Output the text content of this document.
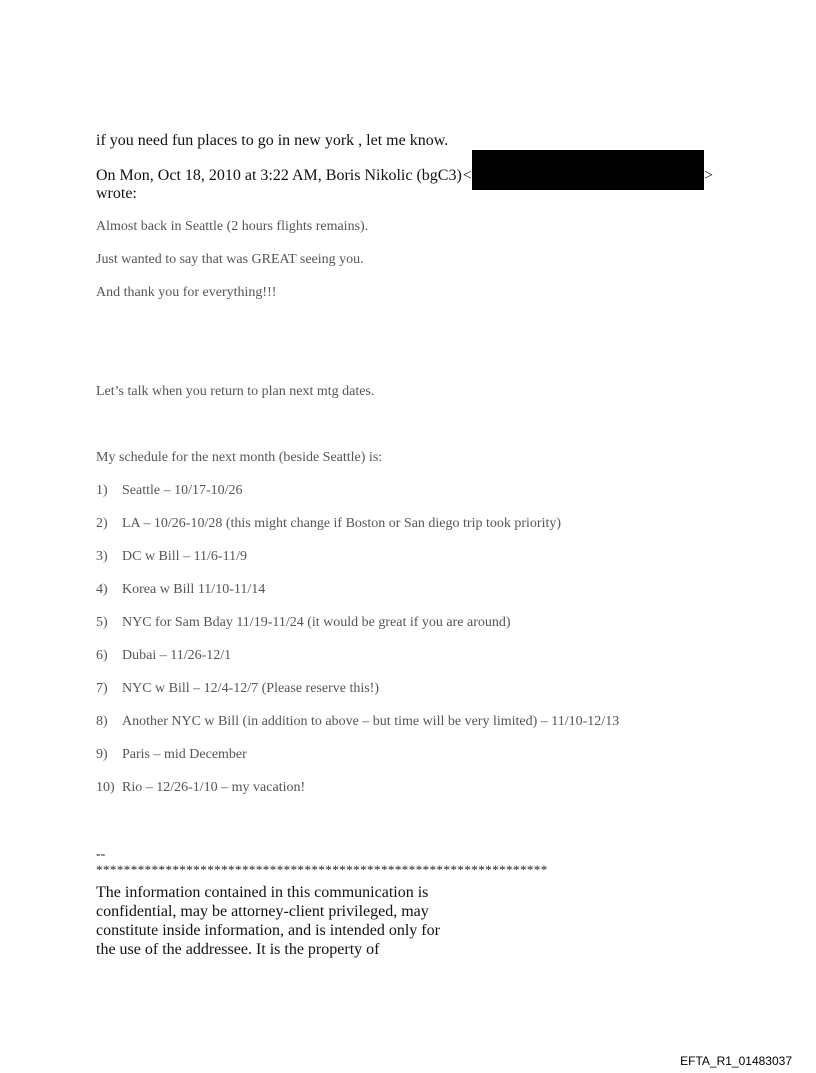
if you need fun places to go in new york , let me know.
On Mon, Oct 18, 2010 at 3:22 AM, Boris Nikolic (bgC3)<	>
wrote:
Almost back in Seattle (2 hours flights remains).
Just wanted to say that was GREAT seeing you.
And thank you for everything!!!
Let’s talk when you return to plan next mtg dates.
My schedule for the next month (beside Seattle) is:
1) Seattle – 10/17-10/26
2) LA – 10/26-10/28 (this might change if Boston or San diego trip took priority)
3) DC w Bill – 11/6-11/9
4) Korea w Bill 11/10-11/14
5) NYC for Sam Bday 11/19-11/24 (it would be great if you are around)
6) Dubai – 11/26-12/1
7) NYC w Bill – 12/4-12/7 (Please reserve this!)
8) Another NYC w Bill (in addition to above – but time will be very limited) – 11/10-12/13
9) Paris – mid December
10) Rio – 12/26-1/10 – my vacation!
--
*****************************************************************
The information contained in this communication is
confidential, may be attorney-client privileged, may
constitute inside information, and is intended only for
the use of the addressee. It is the property of
EFTA_R1_01483037
